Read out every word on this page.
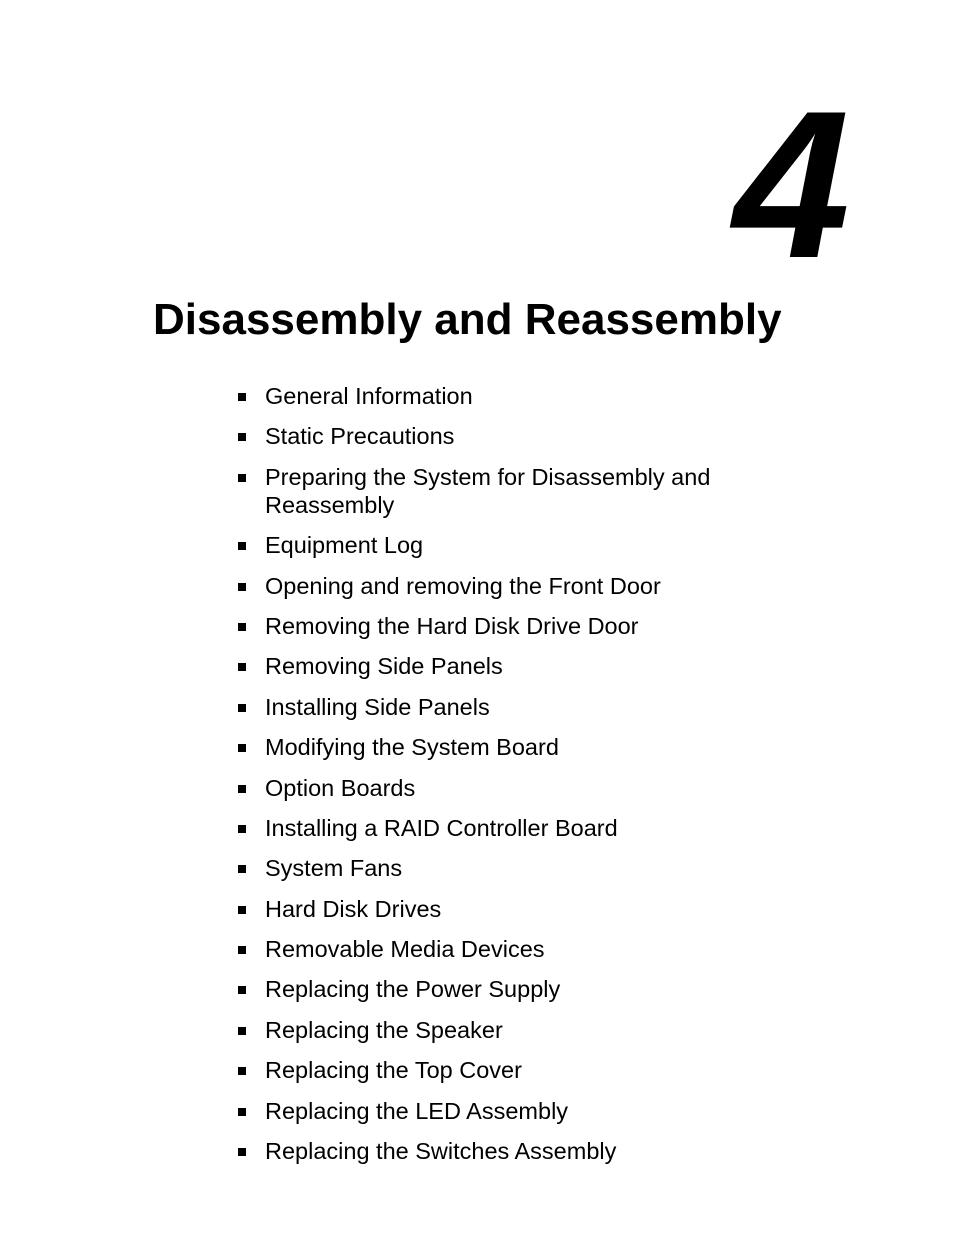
4
Disassembly and Reassembly
General Information
Static Precautions
Preparing the System for Disassembly and Reassembly
Equipment Log
Opening and removing the Front Door
Removing the Hard Disk Drive Door
Removing Side Panels
Installing Side Panels
Modifying the System Board
Option Boards
Installing a RAID Controller Board
System Fans
Hard Disk Drives
Removable Media Devices
Replacing the Power Supply
Replacing the Speaker
Replacing the Top Cover
Replacing the LED Assembly
Replacing the Switches Assembly
